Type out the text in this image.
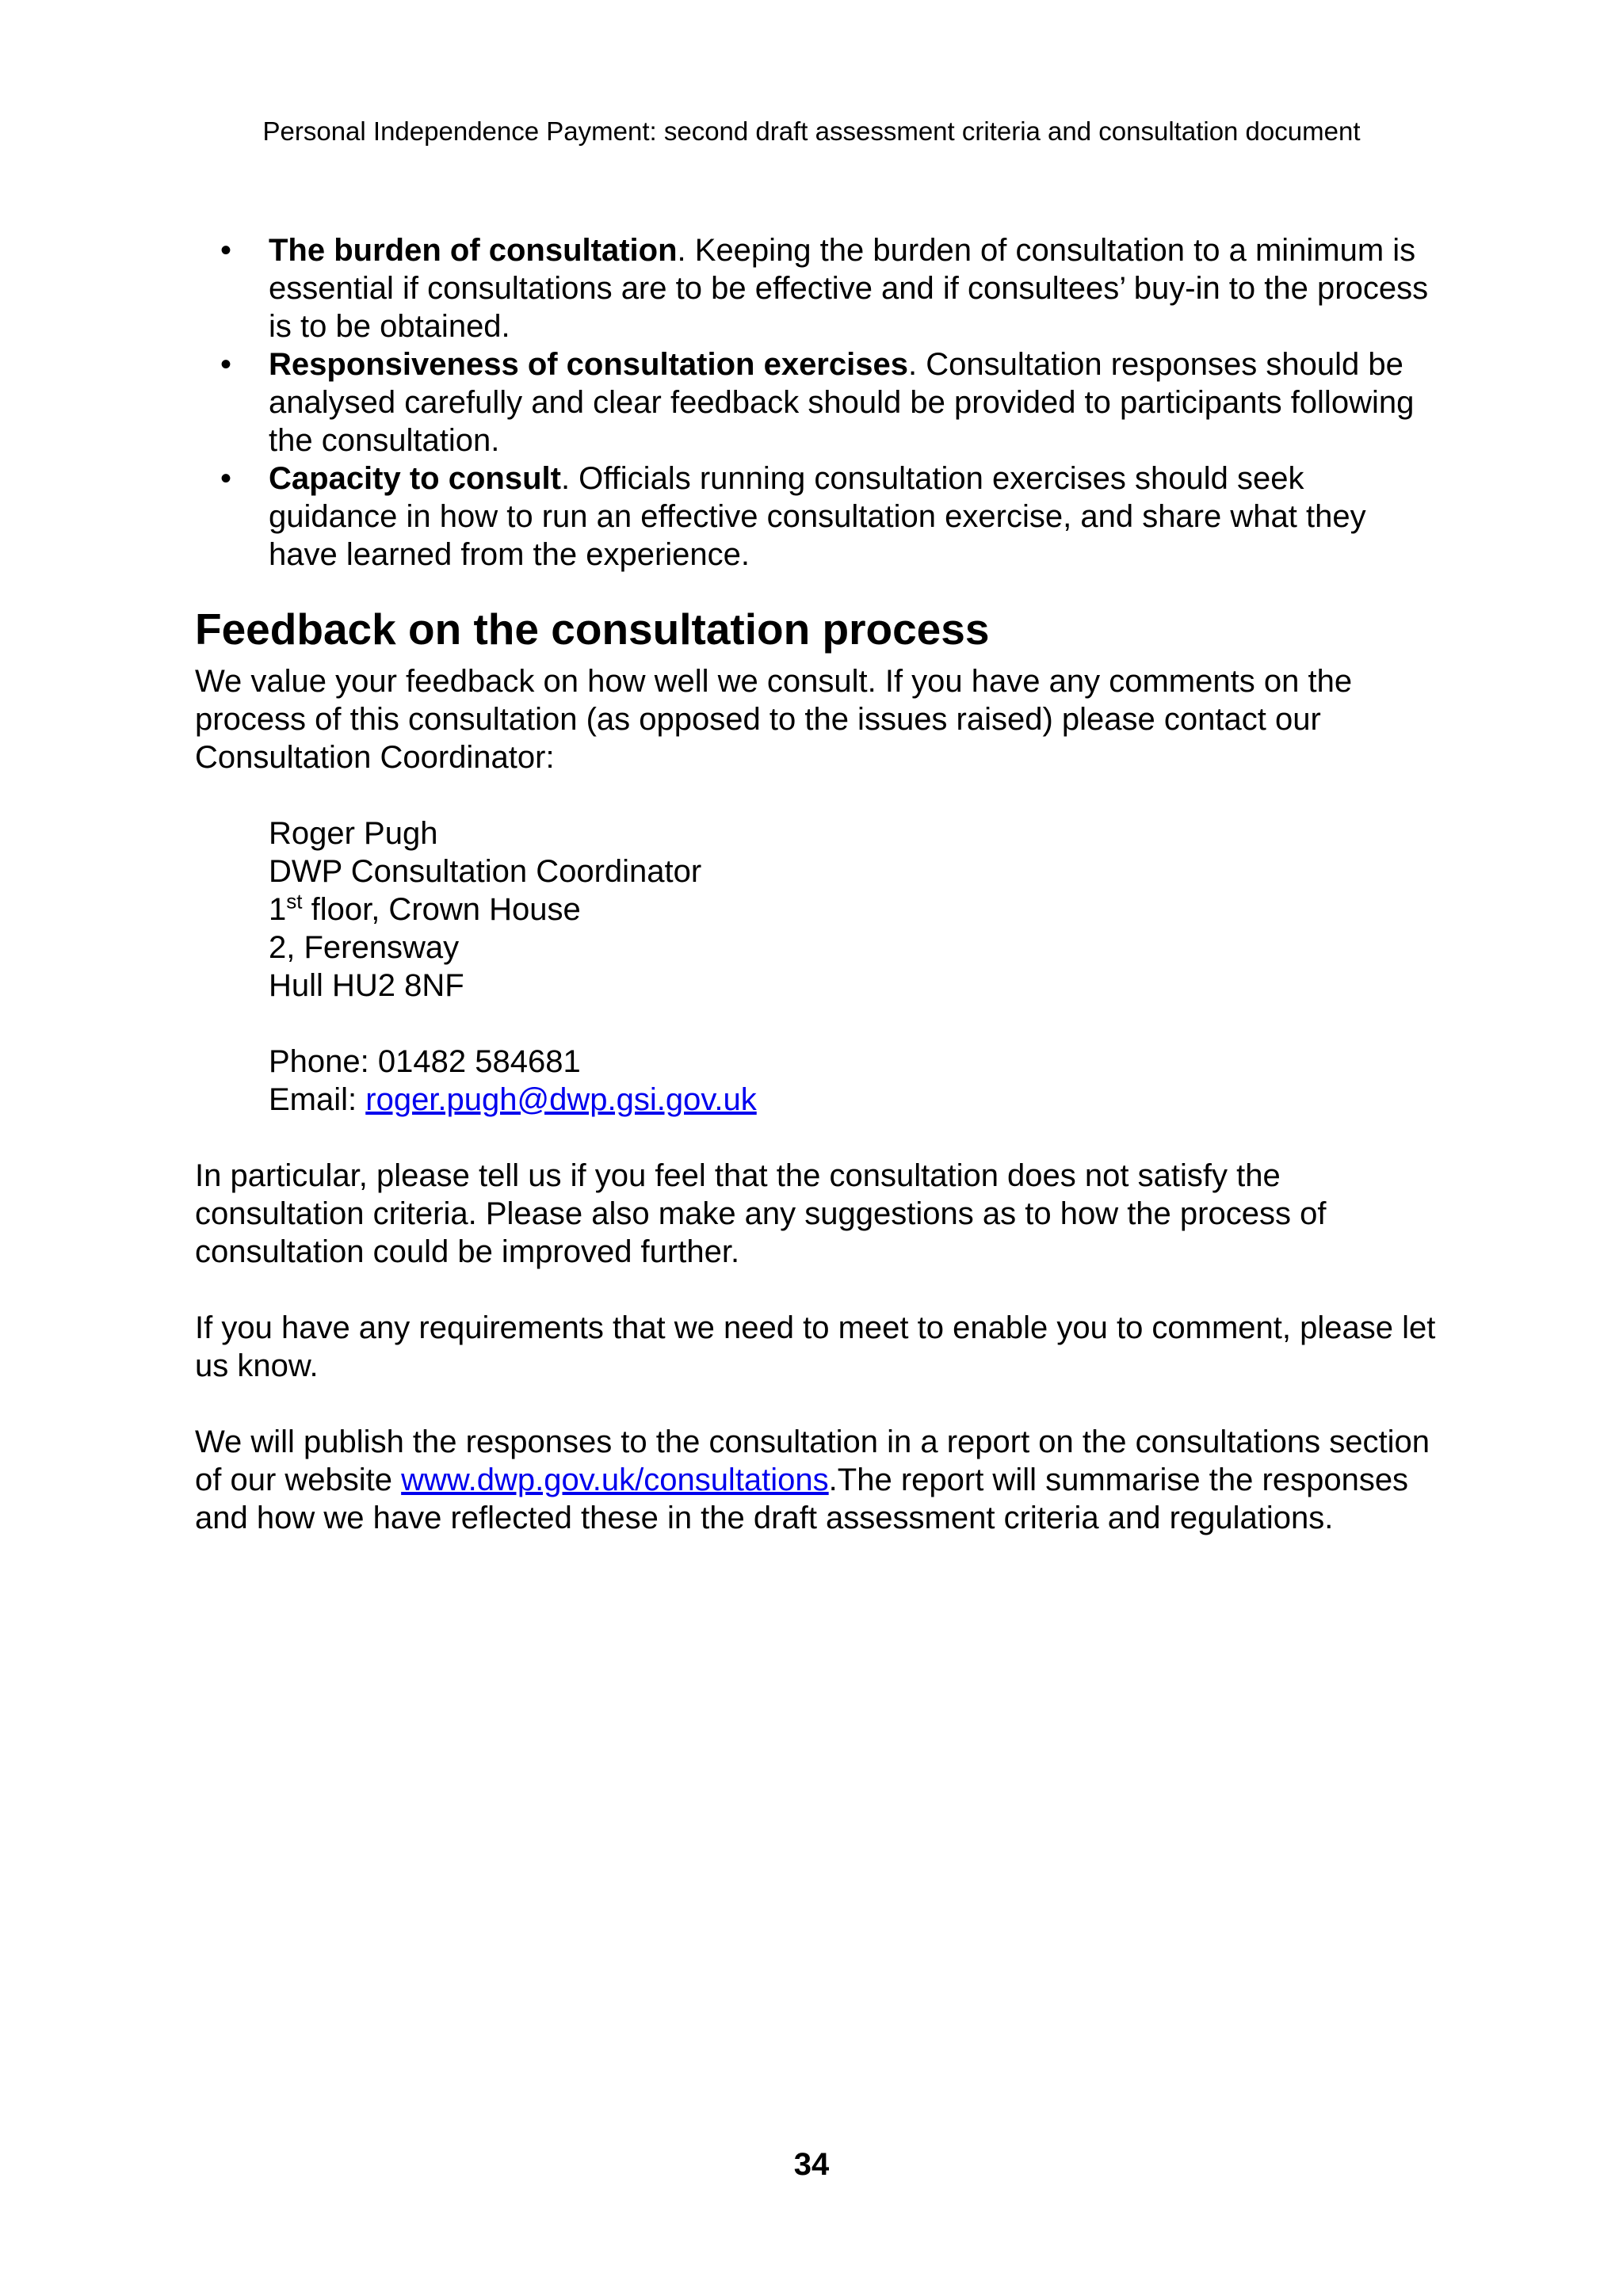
Personal Independence Payment: second draft assessment criteria and consultation document
• The burden of consultation. Keeping the burden of consultation to a minimum is essential if consultations are to be effective and if consultees’ buy-in to the process is to be obtained.
• Responsiveness of consultation exercises. Consultation responses should be analysed carefully and clear feedback should be provided to participants following the consultation.
• Capacity to consult. Officials running consultation exercises should seek guidance in how to run an effective consultation exercise, and share what they have learned from the experience.
Feedback on the consultation process

We value your feedback on how well we consult. If you have any comments on the process of this consultation (as opposed to the issues raised) please contact our Consultation Coordinator:

Roger Pugh
DWP Consultation Coordinator
1st floor, Crown House
2, Ferensway
Hull HU2 8NF
Phone: 01482 584681
Email: roger.pugh@dwp.gsi.gov.uk

In particular, please tell us if you feel that the consultation does not satisfy the consultation criteria. Please also make any suggestions as to how the process of consultation could be improved further.

If you have any requirements that we need to meet to enable you to comment, please let us know.

We will publish the responses to the consultation in a report on the consultations section of our website www.dwp.gov.uk/consultations.The report will summarise the responses and how we have reflected these in the draft assessment criteria and regulations.

34
